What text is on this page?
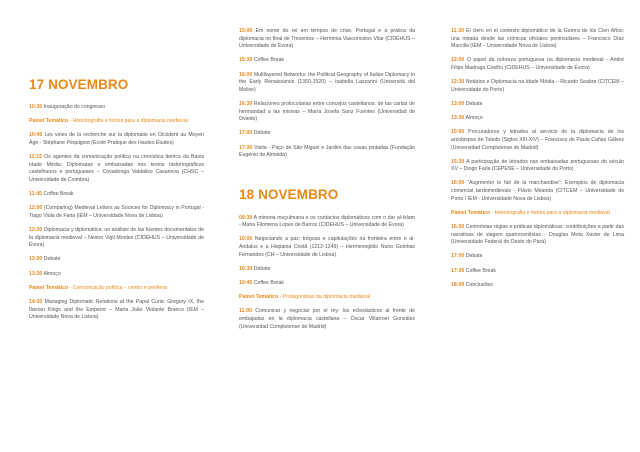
17 NOVEMBRO

10:30 Inauguração do congresso

Painel Temático - Historiografia e fontes para a diplomacia medieval

10:45 Les voies de la recherche sur la diplomatie en Occident au Moyen Âge - Stéphane Péquignot (École Pratique des Hautes Études)

11:15 Os agentes da comunicação política na cronística ibérica da Baixa Idade Média: Diplomatas e embaixadas nos textos historiográficos castelhanos e portugueses – Covadonga Valdaliso Casanova (CHSC – Universidade de Coimbra)

11:45 Coffee Break

12:00 (Comparing) Medieval Letters as Sources for Diplomacy in Portugal - Tiago Viúla de Faria (IEM – Universidade Nova de Lisboa)

12:30 Diplomacia y diplomática: un análisis de las fuentes documentales de la diplomacia medieval – Nestor Vigil Montes (CIDEHUS – Universidade de Évora)

13:00 Debate

13:30 Almoço

Painel Temático - Comunicação política – centro e periferia

14:30 Managing Diplomatic Relations at the Papal Curia: Gregory IX, the Iberian Kings and the Emperor – Maria João Violante Branco (IEM – Universidade Nova de Lisboa)

15:00 Em nome do rei em tempos de crise. Portugal e a prática da diplomacia no final de Trezentos – Hermínia Vasconcelos Vilar (CIDEHUS – Universidade de Évora)

15:30 Coffee Break

16:00 Multilayered Networks: the Political Geography of Italian Diplomacy in the Early Renaissance (1350-1520) – Isabella Lazzarini (Università del Molise)

16:30 Relaciones protocolarias entre concejos castellanos: de las cartas de hermandad a las misivas – María Josefa Sanz Fuentes (Universidad de Oviedo)

17:00 Debate

17:30 Visita - Paço de São Miguel e Jardim das casas pintadas (Fundação Eugénio de Almeida)

18 NOVEMBRO

09:30 A minoria muçulmana e os contactos diplomáticos com o dar al-Islam - Maria Filomena Lopes de Barros (CIDEHUS – Universidade de Évora)

10:00 Negociando a paz: tréguas e capitulações na fronteira entre o al-Andalus e a Hispania Cristã (1212-1249) – Hermenegildo Nuno Goinhas Fernandes (CH – Universidade de Lisboa)

10:30 Debate

10:45 Coffee Break

Painel Temático - Protagonistas da diplomacia medieval

11:00 Comunicar y negociar por el rey: los eclesiásticos al frente de embajadas en la diplomacia castellana – Óscar Villarroel González (Universidad Complutense de Madrid)

11:30 El clero en el contexto diplomático de la Guerra de los Cien Años: una mirada desde las crónicas oficiales peninsulares – Francisco Díaz Marcilla (IEM – Universidade Nova de Lisboa)

12:00 O papel da nobreza portuguesa na diplomacia medieval - André Filipe Madruga Coelho (CIDEHUS – Universidade de Évora)

12:30 Notários e Diplomacia na Idade Média – Ricardo Seabra (CITCEM – Universidade do Porto)

13:00 Debate

13:30 Almoço

15:00 Procuradores y letrados al servicio de la diplomacia de los arzobispos de Toledo (Siglos XIII-XIV) – Francisco de Paula Cañas Gálvez (Universidad Complutense de Madrid)

15:30 A participação de letrados nas embaixadas portuguesas do século XV – Diogo Faria (CEPESE – Universidade do Porto)

16:00 "Augmenter le fait de la marchandise": Exemplos de diplomacia comercial tardomedievais - Flávio Miranda (CITCEM – Universidade do Porto / IEM - Universidade Nova de Lisboa)

Painel Temático - Historiografia e fontes para a diplomacia medieval

16:30 Cerimónias régias e práticas diplomáticas: contribuições a partir das narrativas de viagem quatrocentistas - Douglas Mota Xavier de Lima (Universidade Federal do Oeste do Pará)

17:00 Debate

17:30 Coffee Break

18:00 Conclusões
